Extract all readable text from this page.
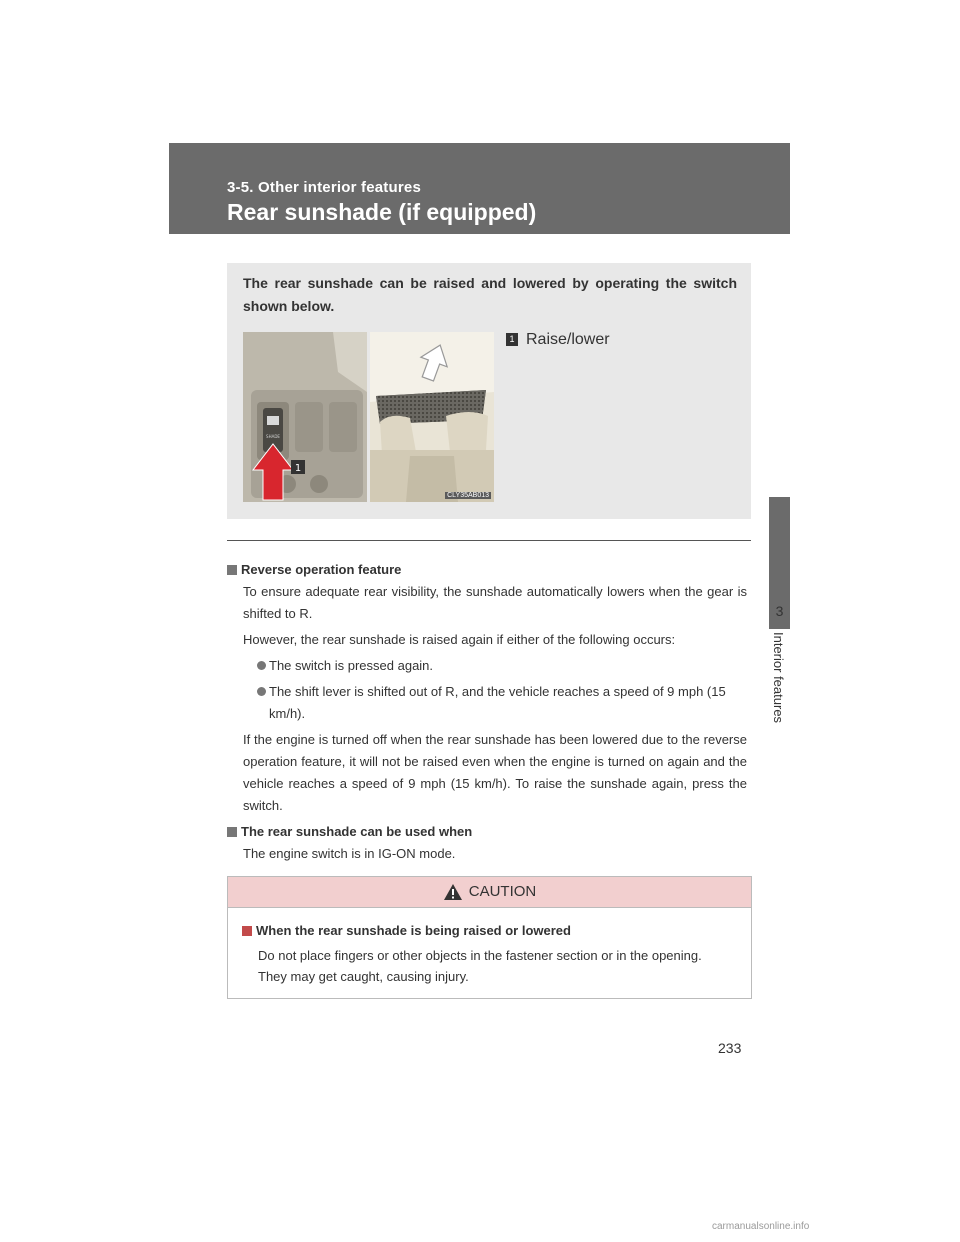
3-5. Other interior features
Rear sunshade (if equipped)
3
Interior features
The rear sunshade can be raised and lowered by operating the switch shown below.
SHADE
1
CLY35AB013
1 Raise/lower
Reverse operation feature

To ensure adequate rear visibility, the sunshade automatically lowers when the gear is shifted to R.

However, the rear sunshade is raised again if either of the following occurs:

The switch is pressed again.
The shift lever is shifted out of R, and the vehicle reaches a speed of 9 mph (15 km/h).

If the engine is turned off when the rear sunshade has been lowered due to the reverse operation feature, it will not be raised even when the engine is turned on again and the vehicle reaches a speed of 9 mph (15 km/h). To raise the sunshade again, press the switch.

The rear sunshade can be used when

The engine switch is in IG-ON mode.

CAUTION
When the rear sunshade is being raised or lowered

Do not place fingers or other objects in the fastener section or in the opening.

They may get caught, causing injury.

233
carmanualsonline.info
